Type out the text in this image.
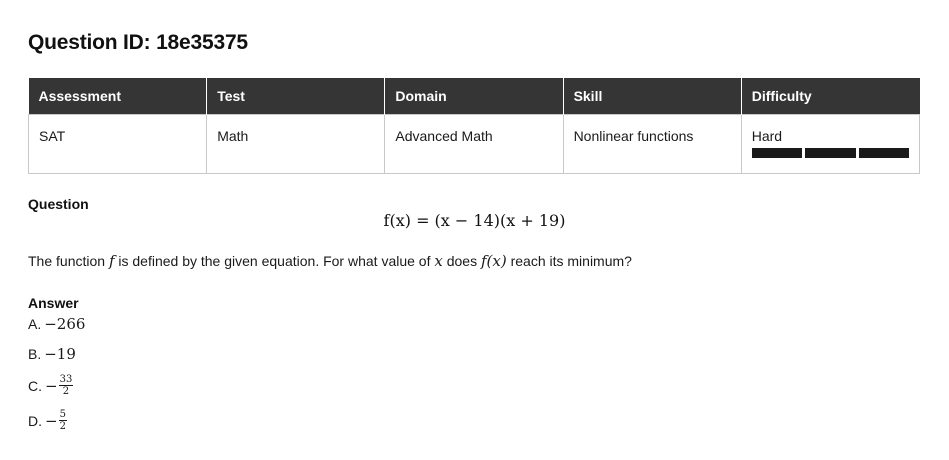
Question ID: 18e35375
Assessment	Test	Domain	Skill	Difficulty
SAT	Math	Advanced Math	Nonlinear functions	Hard
Question
f(x) = (x − 14)(x + 19)
The function f is defined by the given equation. For what value of x does f(x) reach its minimum?
Answer
A. −266
B. −19
C. − $\frac{33}{2}$
D. − $\frac{5}{2}$
